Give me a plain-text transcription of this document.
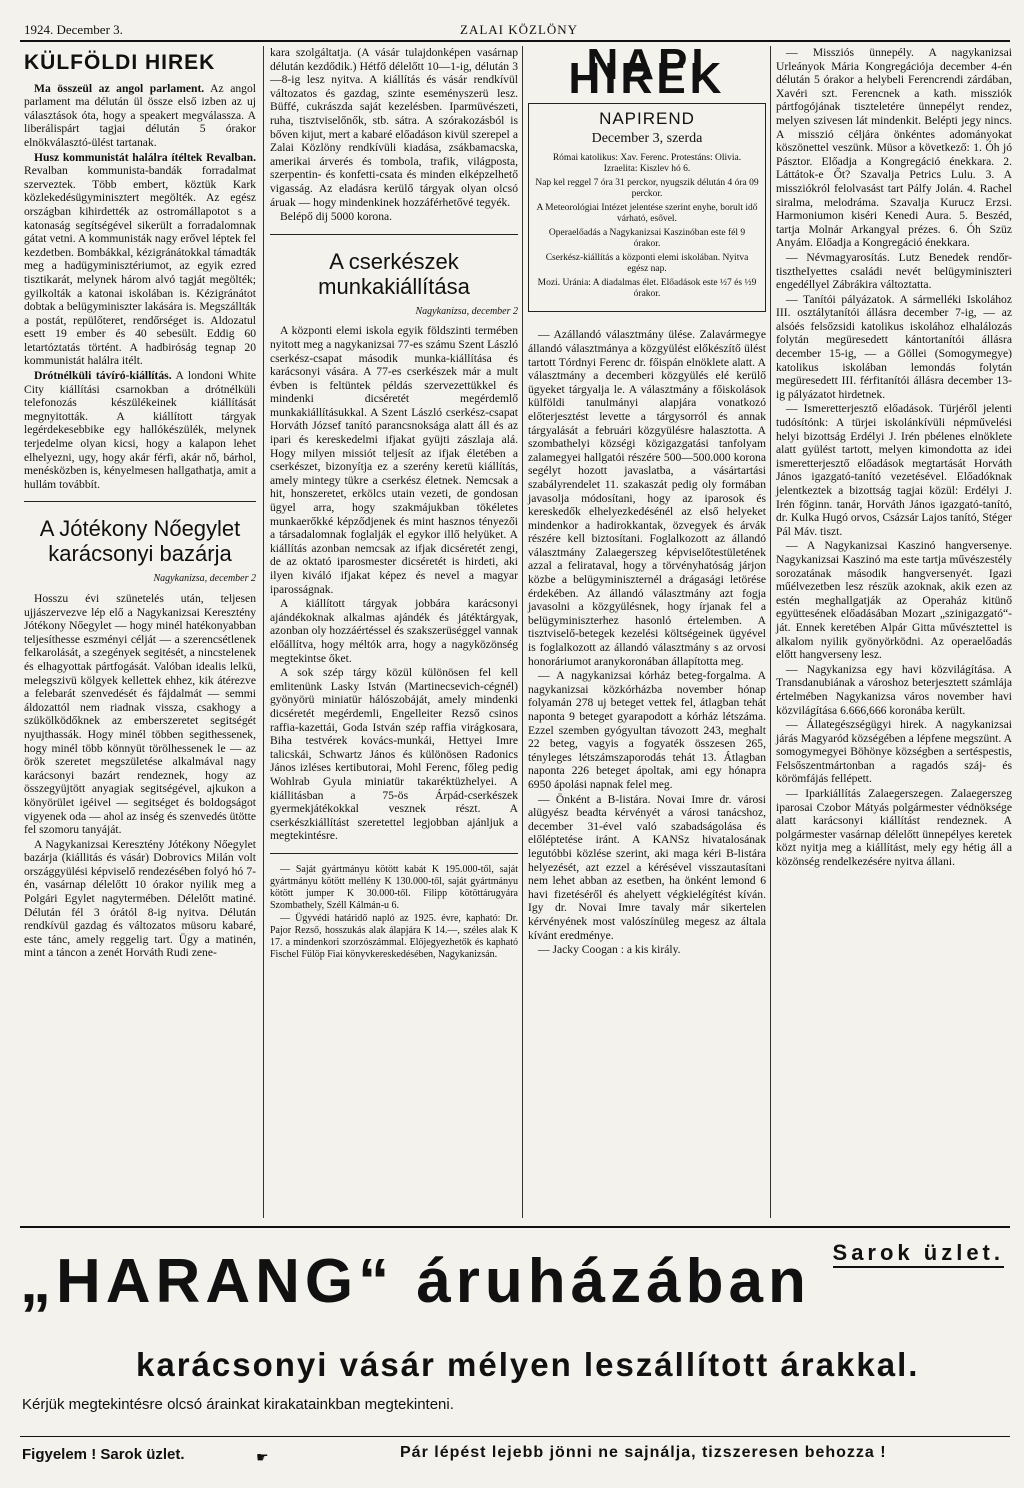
1924. December 3.	ZALAI KÖZLÖNY
KÜLFÖLDI HIREK

Ma összeül az angol parlament. Az angol parlament ma délután ül össze első izben az uj választások óta, hogy a speakert megválassza. A liberálispárt tagjai délután 5 órakor elnökválasztó-ülést tartanak.

Husz kommunistát halálra ítéltek Revalban. Revalban kommunista-bandák forradalmat szerveztek. Több embert, köztük Kark közlekedésügyminisztert megölték. Az egész országban kihirdették az ostromállapotot s a katonaság segítségével sikerült a forradalomnak gátat vetni. A kommunisták nagy erővel léptek fel kezdetben. Bombákkal, kézigránátokkal támadták meg a hadügyminisztériumot, az egyik ezred tisztikarát, melynek három alvó tagját megölték; gyilkolták a katonai iskolában is. Kézigránátot dobtak a belügyminiszter lakására is. Megszállták a postát, repülőteret, rendőrséget is. Aldozatul esett 19 ember és 40 sebesült. Eddig 60 letartóztatás történt. A hadbiróság tegnap 20 kommunistát halálra itélt.

Drótnélküli távíró-kiállítás. A londoni White City kiállítási csarnokban a drótnélküli telefonozás készülékeinek kiállítását megnyitották. A kiállított tárgyak legérdekesebbike egy hallókészülék, melynek terjedelme olyan kicsi, hogy a kalapon lehet elhelyezni, ugy, hogy akár férfi, akár nő, bárhol, menésközben is, kényelmesen hallgathatja, amit a hullám továbbít.

A Jótékony Nőegylet karácsonyi bazárja
Nagykanizsa, december 2

Hosszu évi szünetelés után, teljesen ujjászervezve lép elő a Nagykanizsai Keresztény Jótékony Nőegylet — hogy minél hatékonyabban teljesíthesse eszményi célját — a szerencsétlenek felkarolását, a szegények segitését, a nincstelenek és elhagyottak pártfogását. Valóban idealis lelkü, melegszivü kölgyek kellettek ehhez, kik átérezve a felebarát szenvedését és fájdalmát — semmi áldozattól nem riadnak vissza, csakhogy a szükölködőknek az emberszeretet segitségét nyujthassák. Hogy minél többen segithessenek, hogy minél több könnyüt törölhessenek le — az örök szeretet megszületése alkalmával nagy karácsonyi bazárt rendeznek, hogy az összegyüjtött anyagiak segitségével, ajkukon a könyörület igéivel — segitséget és boldogságot vigyenek oda — ahol az inség és szenvedés ütötte fel szomoru tanyáját.

A Nagykanizsai Keresztény Jótékony Nőegylet bazárja (kiállitás és vásár) Dobrovics Milán volt országgyülési képviselő rendezésében folyó hó 7-én, vasárnap délelőtt 10 órakor nyilik meg a Polgári Egylet nagytermében. Délelőtt matiné. Délután fél 3 órától 8-ig nyitva. Délután rendkívül gazdag és változatos müsoru kabaré, este tánc, amely reggelig tart. Ügy a matinén, mint a táncon a zenét Horváth Rudi zene-

kara szolgáltatja. (A vásár tulajdonképen vasárnap délután kezdődik.) Hétfő délelőtt 10—1-ig, délután 3—8-ig lesz nyitva. A kiállítás és vásár rendkívül változatos és gazdag, szinte eseményszerü lesz. Büffé, cukrászda saját kezelésben. Iparmüvészeti, ruha, tisztviselőnők, stb. sátra. A szórakozásból is bőven kijut, mert a kabaré előadáson kivül szerepel a Zalai Közlöny rendkívüli kiadása, zsákbamacska, amerikai árverés és tombola, trafik, világposta, szerpentin- és konfetti-csata és minden elképzelhető vigasság. Az eladásra kerülő tárgyak olyan olcsó áruak — hogy mindenkinek hozzáférhetővé tegyék.

Belépő dij 5000 korona.

A cserkészek munkakiállítása
Nagykanizsa, december 2

A központi elemi iskola egyik földszinti termében nyitott meg a nagykanizsai 77-es számu Szent László cserkész-csapat második munka-kiállítása és karácsonyi vására. A 77-es cserkészek már a mult évben is feltüntek példás szervezettükkel és mindenki dicséretét megérdemlő munkakiállításukkal. A Szent László cserkész-csapat Horváth József tanító parancsnoksága alatt áll és az ipari és kereskedelmi ifjakat gyüjti zászlaja alá. Hogy milyen missiót teljesít az ifjak életében a cserkészet, bizonyítja ez a szerény keretü kiállítás, amely mintegy tükre a cserkész életnek. Nemcsak a hit, honszeretet, erkölcs utain vezeti, de gondosan ügyel arra, hogy szakmájukban tökéletes munkaerőkké képződjenek és mint hasznos tényezői a társadalomnak foglalják el egykor illő helyüket. A kiállítás azonban nemcsak az ifjak dicséretét zengi, de az oktató iparosmester dicséretét is hirdeti, aki ilyen kiváló ifjakat képez és nevel a magyar iparosságnak.

A kiállított tárgyak jobbára karácsonyi ajándékoknak alkalmas ajándék és játéktárgyak, azonban oly hozzáértéssel és szakszerüséggel vannak előállítva, hogy méltók arra, hogy a nagyközönség megtekintse őket.

A sok szép tárgy közül különösen fel kell emlitenünk Lasky István (Martinecsevich-cégnél) gyönyörü miniatür hálószobáját, amely mindenki dicséretét megérdemli, Engelleiter Rezső csinos raffia-kazettái, Goda István szép raffia virágkosara, Biha testvérek kovács-munkái, Hettyei Imre talicskái, Schwartz János és különösen Radonics János izléses kertibutorai, Mohl Ferenc, főleg pedig Wohlrab Gyula miniatür takaréktüzhelyei. A kiállitásban a 75-ös Árpád-cserkészek gyermekjátékokkal vesznek részt. A cserkészkiállítást szeretettel legjobban ajánljuk a megtekintésre.

— Saját gyártmányu kötött kabát K 195.000-től, saját gyártmányu kötött mellény K 130.000-től, saját gyártmányu kötött jumper K 30.000-től. Filipp kötöttárugyára Szombathely, Széll Kálmán-u 6.

— Ügyvédi határidő napló az 1925. évre, kapható: Dr. Pajor Rezső, hosszukás alak álapjára K 14.—, széles alak K 17. a mindenkori szorzószámmal. Előjegyezhetők és kapható Fischel Fülöp Fiai könyvkereskedésében, Nagykanizsán.

NAPI HIREK
NAPIREND
December 3, szerda
Római katolikus: Xav. Ferenc. Protestáns: Olivia. Izraelita: Kiszlev hó 6.
Nap kel reggel 7 óra 31 perckor, nyugszik délután 4 óra 09 perckor.
A Meteorológiai Intézet jelentése szerint enyhe, borult idő várható, esővel.
Operaelőadás a Nagykanizsai Kaszinóban este fél 9 órakor.
Cserkész-kiállítás a központi elemi iskolában. Nyitva egész nap.
Mozi. Uránia: A diadalmas élet. Előadások este ½7 és ½9 órakor.

— Azállandó választmány ülése. Zalavármegye állandó választmánya a közgyülést előkészítő ülést tartott Tórdnyi Ferenc dr. főispán elnöklete alatt. A választmány a decemberi közgyülés elé kerülő ügyeket tárgyalja le. A választmány a főiskolások külföldi tanulmányi alapjára vonatkozó előterjesztést levette a tárgysorról és annak tárgyalását a februári közgyülésre halasztotta. A szombathelyi községi közigazgatási tanfolyam zalamegyei hallgatói részére 500—500.000 korona segélyt hozott javaslatba, a vásártartási szabályrendelet 11. szakaszát pedig oly formában javasolja módosítani, hogy az iparosok és kereskedők elhelyezkedésénél az első helyeket mindenkor a hadirokkantak, özvegyek és árvák részére kell biztosítani. Foglalkozott az állandó választmány Zalaegerszeg képviselőtestületének azzal a felirataval, hogy a törvényhatóság járjon közbe a belügyminiszternél a drágasági letörése érdekében. Az állandó választmány azt fogja javasolni a közgyülésnek, hogy írjanak fel a belügyminiszterhez hasonló értelemben. A tisztviselő-betegek kezelési költségeinek ügyével is foglalkozott az állandó választmány s az orvosi honoráriumot aranykoronában állapította meg.

— A nagykanizsai kórház beteg-forgalma. A nagykanizsai közkórházba november hónap folyamán 278 uj beteget vettek fel, átlagban tehát naponta 9 beteget gyarapodott a kórház létszáma. Ezzel szemben gyógyultan távozott 243, meghalt 22 beteg, vagyis a fogyaték összesen 265, tényleges létszámszaporodás tehát 13. Átlagban naponta 226 beteget ápoltak, ami egy hónapra 6950 ápolási napnak felel meg.

— Önként a B-listára. Novai Imre dr. városi alügyész beadta kérvényét a városi tanácshoz, december 31-ével való szabadságolása és előléptetése iránt. A KANSz hivatalosának legutóbbi közlése szerint, aki maga kéri B-listára helyezését, azt ezzel a kérésével visszautasítani nem lehet abban az esetben, ha önként lemond 6 havi fizetéséről és ahelyett végkielégítést kíván. Igy dr. Novai Imre tavaly már sikertelen kérvényének most valószínüleg megesz az általa kívánt eredménye.

— Jacky Coogan : a kis király.

— Missziós ünnepély. A nagykanizsai Urleányok Mária Kongregációja december 4-én délután 5 órakor a helybeli Ferencrendi zárdában, Xavéri szt. Ferencnek a kath. missziók pártfogójának tiszteletére ünnepélyt rendez, melyen szivesen lát mindenkit. Belépti jegy nincs. A misszió céljára önkéntes adományokat köszönettel veszünk. Müsor a következő: 1. Óh jó Pásztor. Előadja a Kongregáció énekkara. 2. Láttátok-e Őt? Szavalja Petrics Lulu. 3. A missziókról felolvasást tart Pálfy Jolán. 4. Rachel siralma, melodráma. Szavalja Kurucz Erzsi. Harmoniumon kiséri Kenedi Aura. 5. Beszéd, tartja Molnár Arkangyal prézes. 6. Óh Szüz Anyám. Előadja a Kongregáció énekkara.

— Névmagyarosítás. Lutz Benedek rendőr-tisztheIyettes családi nevét belügyminiszteri engedéllyel Zábrákira változtatta.

— Tanítói pályázatok. A sármelléki Iskolához III. osztálytanítói állásra december 7-ig, — az alsóés felsőzsidi katolikus iskolához elhalálozás folytán megüresedett kántortanítói állásra december 15-ig, — a Göllei (Somogymegye) katolikus iskolában lemondás folytán megüresedett III. férfitanítói állásra december 13-ig pályázatot hirdetnek.

— Ismeretterjesztő előadások. Türjéről jelenti tudósítónk: A türjei iskolánkívüli népművelési helyi bizottság Erdélyi J. Irén pbélenes elnöklete alatt gyülést tartott, melyen kimondotta az idei ismeretterjesztő előadások megtartását Horváth János igazgató-tanító vezetésével. Előadóknak jelentkeztek a bizottság tagjai közül: Erdélyi J. Irén főginn. tanár, Horváth János igazgató-tanító, dr. Kulka Hugó orvos, Csázsár Lajos tanító, Stéger Pál Máv. tiszt.

— A Nagykanizsai Kaszinó hangversenye. Nagykanizsai Kaszinó ma este tartja művészestély sorozatának második hangversenyét. Igazi műélvezetben lesz részük azoknak, akik ezen az estén meghallgatják az Operaház kitünő együttesének előadásában Mozart „szinigazgató“-ját. Ennek keretében Alpár Gitta művésztettel is alkalom nyilik gyönyörködni. Az operaelőadás előtt hangverseny lesz.

— Nagykanizsa egy havi közvilágítása. A Transdanubiának a városhoz beterjesztett számlája értelmében Nagykanizsa város november havi közvilágítása 6.666,666 koronába került.

— Állategészségügyi hirek. A nagykanizsai járás Magyaród községében a lépfene megszünt. A somogymegyei Böhönye községben a sertéspestis, Felsőszentmártonban a ragadós száj- és körömfájás fellépett.

— Iparkiállítás Zalaegerszegen. Zalaegerszeg iparosai Czobor Mátyás polgármester védnöksége alatt karácsonyi kiállítást rendeznek. A polgármester vasárnap délelőtt ünnepélyes keretek közt nyitja meg a kiállítást, mely egy hétig áll a közönség rendelkezésére nyitva állani.

„HARANG“ áruházában Sarok üzlet.
karácsonyi vásár mélyen leszállított árakkal.
Kérjük megtekintésre olcsó árainkat kirakatainkban megtekinteni.
Figyelem ! Sarok üzlet.	☛	Pár lépést lejebb jönni ne sajnálja, tizszeresen behozza !
